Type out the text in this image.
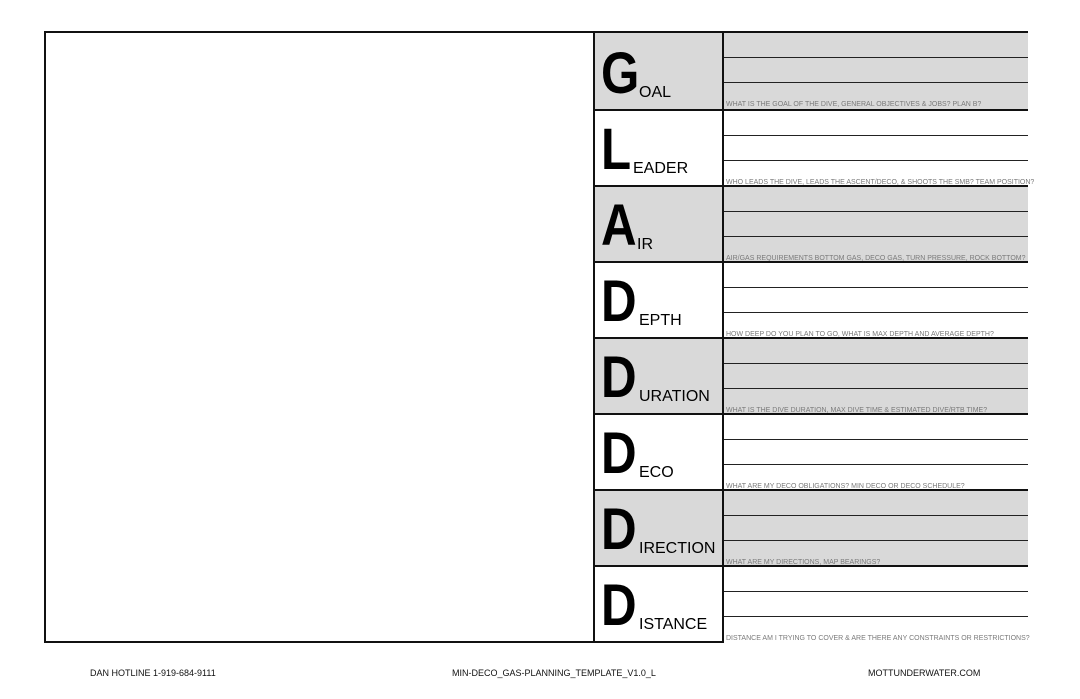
G OAL
WHAT IS THE GOAL OF THE DIVE, GENERAL OBJECTIVES & JOBS? PLAN B?
L EADER
WHO LEADS THE DIVE, LEADS THE ASCENT/DECO, & SHOOTS THE SMB? TEAM POSITION?
A IR
AIR/GAS REQUIREMENTS BOTTOM GAS, DECO GAS, TURN PRESSURE, ROCK BOTTOM?
D EPTH
HOW DEEP DO YOU PLAN TO GO, WHAT IS MAX DEPTH AND AVERAGE DEPTH?
D URATION
WHAT IS THE DIVE DURATION, MAX DIVE TIME & ESTIMATED DIVE/RTB TIME?
D ECO
WHAT ARE MY DECO OBLIGATIONS? MIN DECO OR DECO SCHEDULE?
D IRECTION
WHAT ARE MY DIRECTIONS, MAP BEARINGS?
D ISTANCE
DISTANCE AM I TRYING TO COVER & ARE THERE ANY CONSTRAINTS OR RESTRICTIONS?
DAN HOTLINE 1-919-684-9111	MIN-DECO_GAS-PLANNING_TEMPLATE_V1.0_L	MOTTUNDERWATER.COM
